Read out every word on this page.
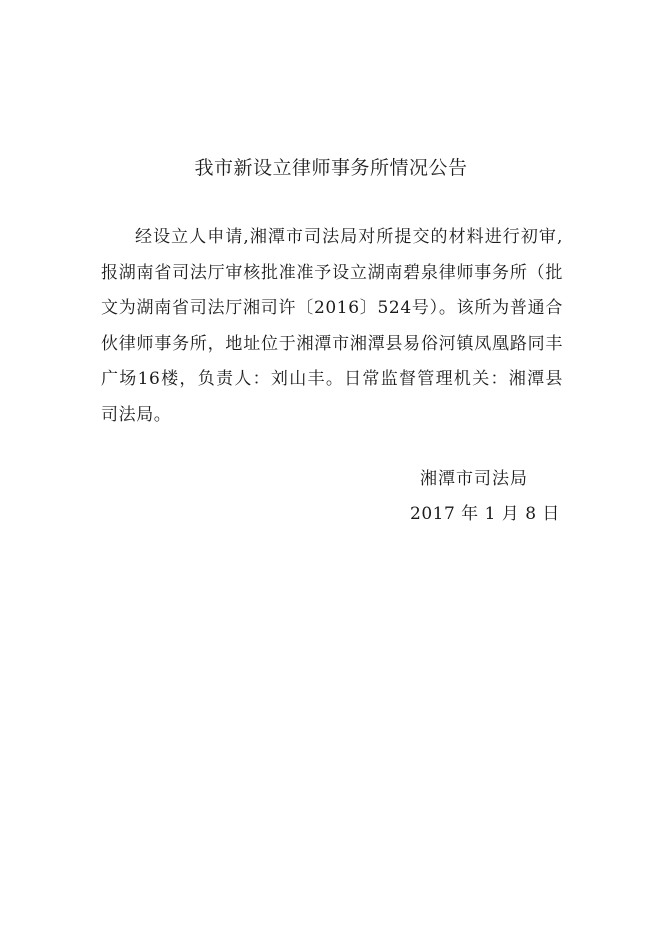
我市新设立律师事务所情况公告

经设立人申请,湘潭市司法局对所提交的材料进行初审,报湖南省司法厅审核批准准予设立湖南碧泉律师事务所（批文为湖南省司法厅湘司许〔2016〕524号）。该所为普通合伙律师事务所，地址位于湘潭市湘潭县易俗河镇凤凰路同丰广场16楼，负责人：刘山丰。日常监督管理机关：湘潭县司法局。

湘潭市司法局
2017 年 1 月 8 日
